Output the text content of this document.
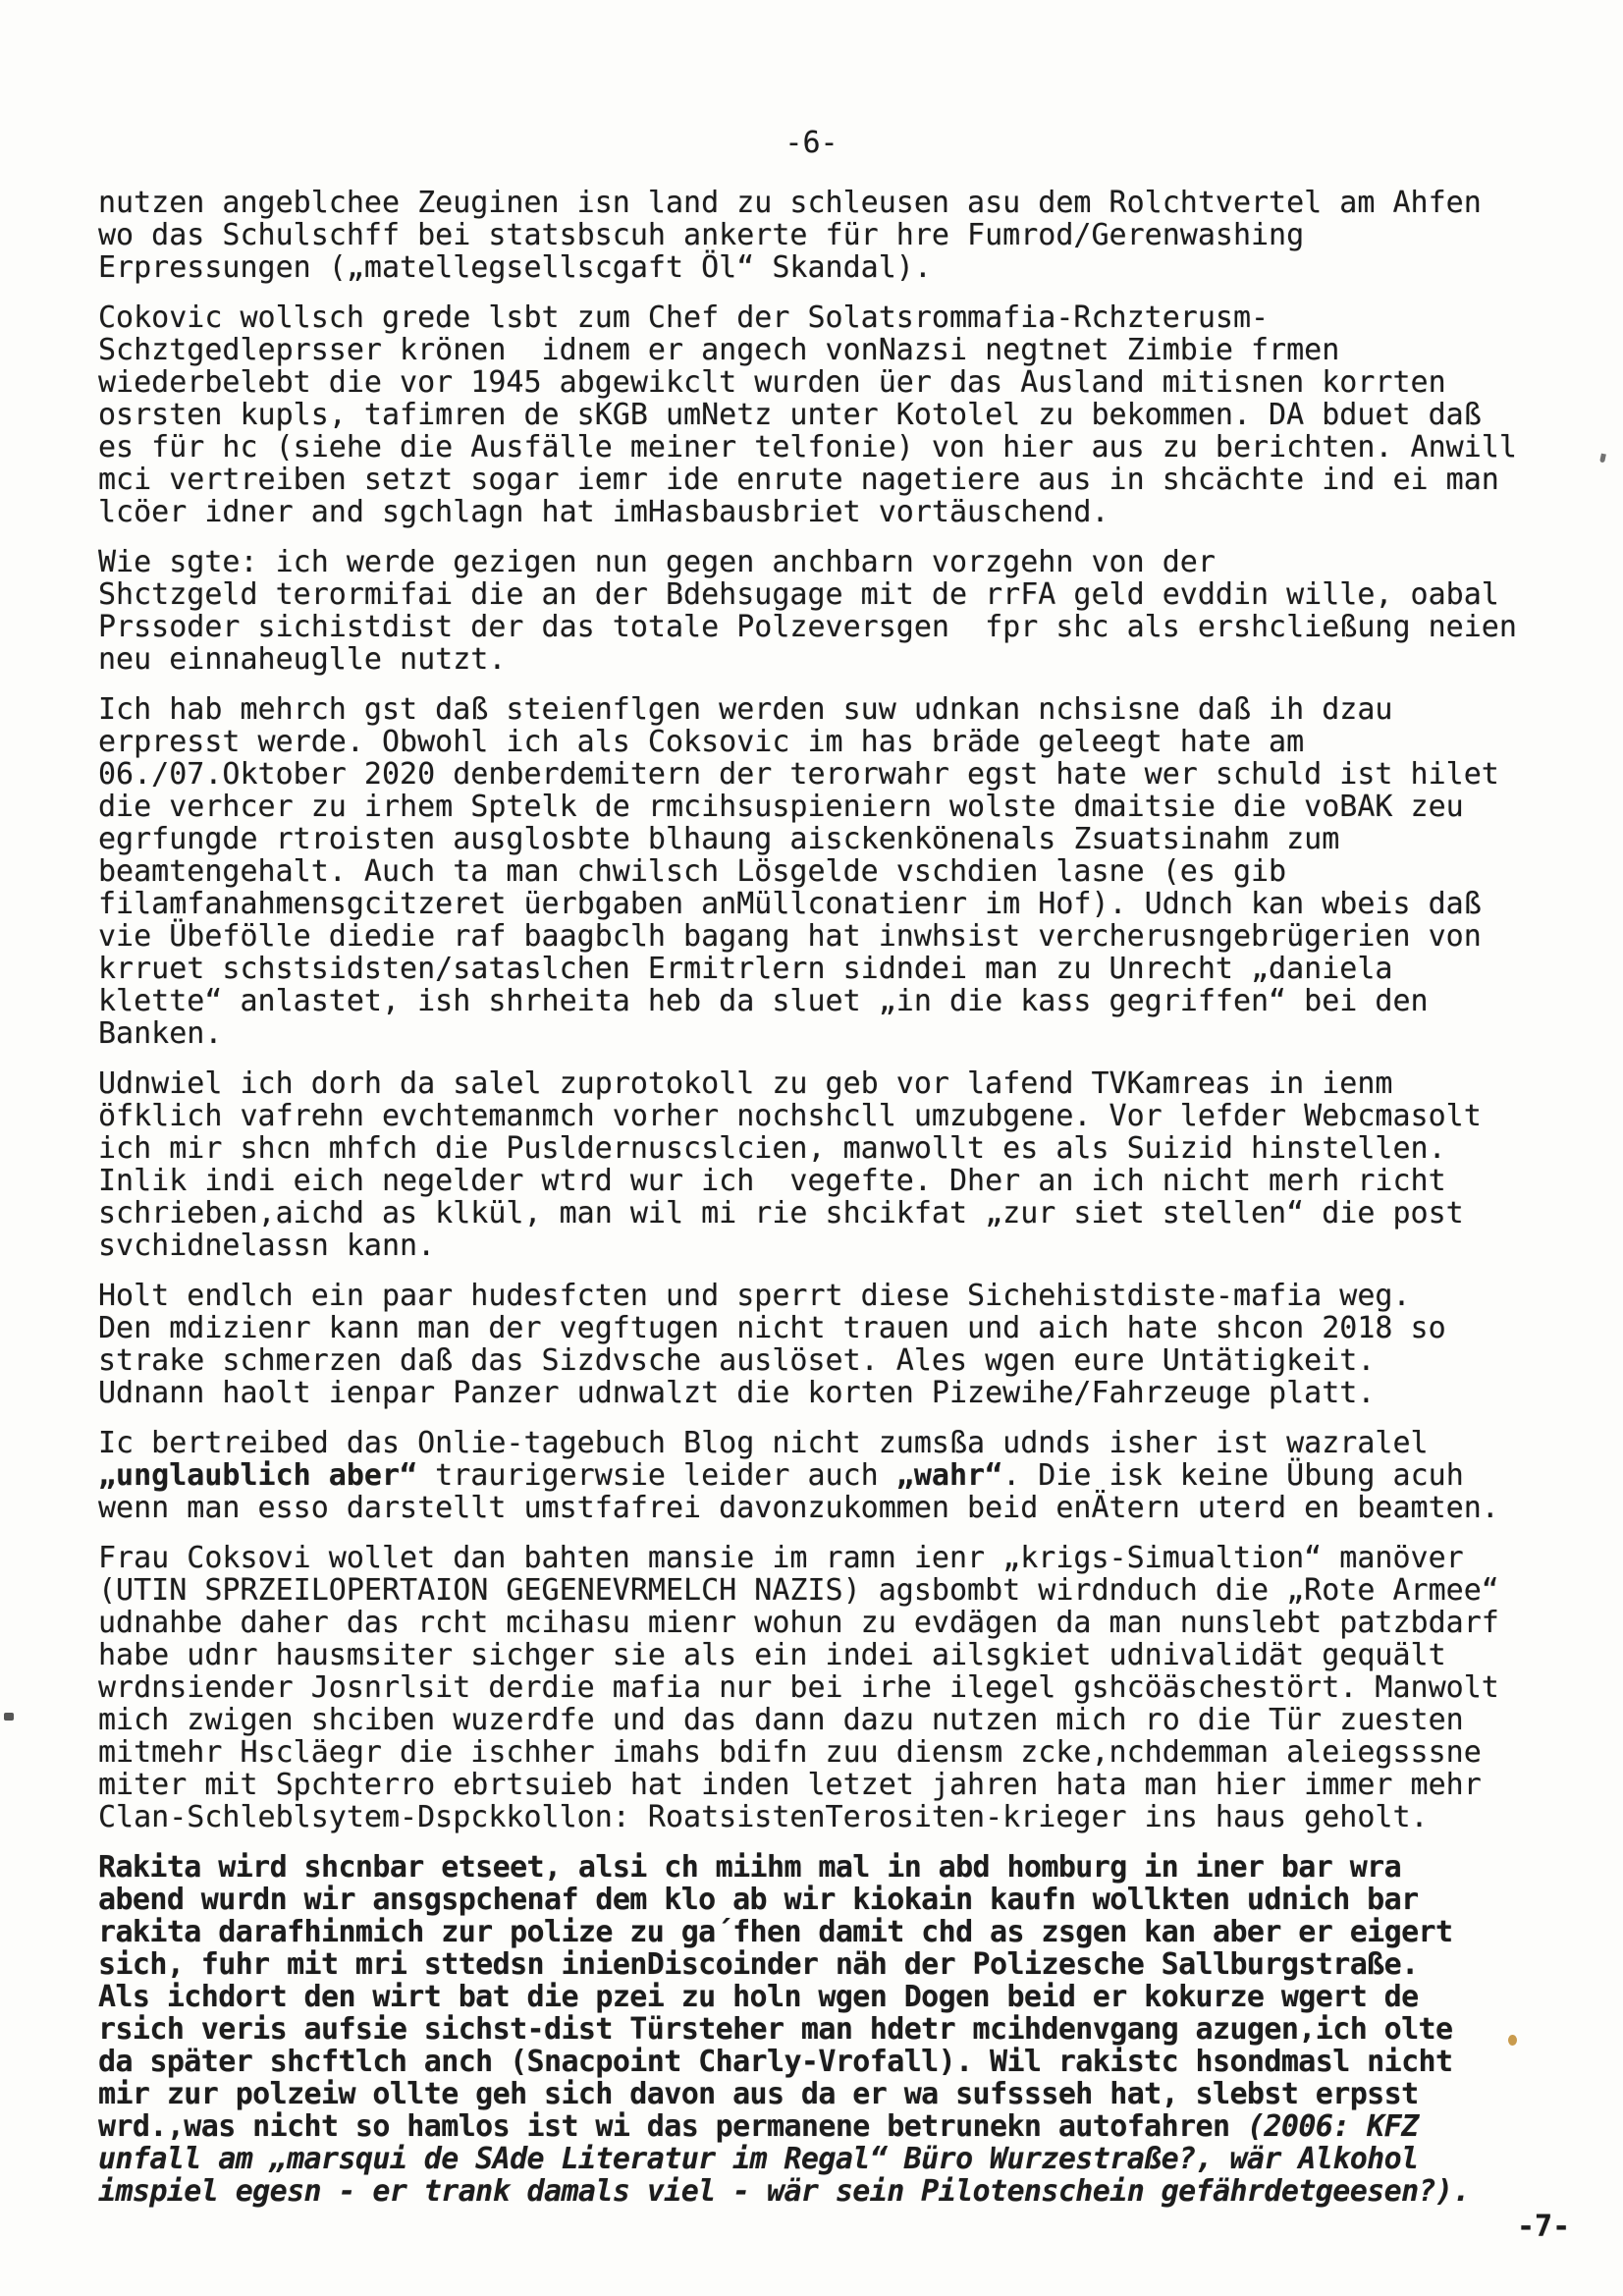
-6-

nutzen angeblchee Zeuginen isn land zu schleusen asu dem Rolchtvertel am Ahfen
wo das Schulschff bei statsbscuh ankerte für hre Fumrod/Gerenwashing
Erpressungen („matellegsellscgaft Öl“ Skandal).

Cokovic wollsch grede lsbt zum Chef der Solatsrommafia-Rchzterusm-
Schztgedleprsser krönen  idnem er angech vonNazsi negtnet Zimbie frmen
wiederbelebt die vor 1945 abgewikclt wurden üer das Ausland mitisnen korrten
osrsten kupls, tafimren de sKGB umNetz unter Kotolel zu bekommen. DA bduet daß
es für hc (siehe die Ausfälle meiner telfonie) von hier aus zu berichten. Anwill
mci vertreiben setzt sogar iemr ide enrute nagetiere aus in shcächte ind ei man
lcöer idner and sgchlagn hat imHasbausbriet vortäuschend.

Wie sgte: ich werde gezigen nun gegen anchbarn vorzgehn von der
Shctzgeld terormifai die an der Bdehsugage mit de rrFA geld evddin wille, oabal
Prssoder sichistdist der das totale Polzeversgen  fpr shc als ershcließung neien
neu einnaheuglle nutzt.

Ich hab mehrch gst daß steienflgen werden suw udnkan nchsisne daß ih dzau
erpresst werde. Obwohl ich als Coksovic im has bräde geleegt hate am
06./07.Oktober 2020 denberdemitern der terorwahr egst hate wer schuld ist hilet
die verhcer zu irhem Sptelk de rmcihsuspieniern wolste dmaitsie die voBAK zeu
egrfungde rtroisten ausglosbte blhaung aisckenkönenals Zsuatsinahm zum
beamtengehalt. Auch ta man chwilsch Lösgelde vschdien lasne (es gib
filamfanahmensgcitzeret üerbgaben anMüllconatienr im Hof). Udnch kan wbeis daß
vie Übefölle diedie raf baagbclh bagang hat inwhsist vercherusngebrügerien von
krruet schstsidsten/sataslchen Ermitrlern sidndei man zu Unrecht „daniela
klette“ anlastet, ish shrheita heb da sluet „in die kass gegriffen“ bei den
Banken.

Udnwiel ich dorh da salel zuprotokoll zu geb vor lafend TVKamreas in ienm
öfklich vafrehn evchtemanmch vorher nochshcll umzubgene. Vor lefder Webcmasolt
ich mir shcn mhfch die Pusldernuscslcien, manwollt es als Suizid hinstellen.
Inlik indi eich negelder wtrd wur ich  vegefte. Dher an ich nicht merh richt
schrieben,aichd as klkül, man wil mi rie shcikfat „zur siet stellen“ die post
svchidnelassn kann.

Holt endlch ein paar hudesfcten und sperrt diese Sichehistdiste-mafia weg.
Den mdizienr kann man der vegftugen nicht trauen und aich hate shcon 2018 so
strake schmerzen daß das Sizdvsche auslöset. Ales wgen eure Untätigkeit.
Udnann haolt ienpar Panzer udnwalzt die korten Pizewihe/Fahrzeuge platt.

Ic bertreibed das Onlie-tagebuch Blog nicht zumsßa udnds isher ist wazralel
„unglaublich aber“ traurigerwsie leider auch „wahr“. Die isk keine Übung acuh
wenn man esso darstellt umstfafrei davonzukommen beid enÄtern uterd en beamten.

Frau Coksovi wollet dan bahten mansie im ramn ienr „krigs-Simualtion“ manöver
(UTIN SPRZEILOPERTAION GEGENEVRMELCH NAZIS) agsbombt wirdnduch die „Rote Armee“
udnahbe daher das rcht mcihasu mienr wohun zu evdägen da man nunslebt patzbdarf
habe udnr hausmsiter sichger sie als ein indei ailsgkiet udnivalidät gequält
wrdnsiender Josnrlsit derdie mafia nur bei irhe ilegel gshcöäschestört. Manwolt
mich zwigen shciben wuzerdfe und das dann dazu nutzen mich ro die Tür zuesten
mitmehr Hscläegr die ischher imahs bdifn zuu diensm zcke,nchdemman aleiegsssne
miter mit Spchterro ebrtsuieb hat inden letzet jahren hata man hier immer mehr
Clan-Schleblsytem-Dspckkollon: RoatsistenTerositen-krieger ins haus geholt.

Rakita wird shcnbar etseet, alsi ch miihm mal in abd homburg in iner bar wra
abend wurdn wir ansgspchenaf dem klo ab wir kiokain kaufn wollkten udnich bar
rakita darafhinmich zur polize zu ga´fhen damit chd as zsgen kan aber er eigert
sich, fuhr mit mri sttedsn inienDiscoinder näh der Polizesche Sallburgstraße.
Als ichdort den wirt bat die pzei zu holn wgen Dogen beid er kokurze wgert de
rsich veris aufsie sichst-dist Türsteher man hdetr mcihdenvgang azugen,ich olte
da später shcftlch anch (Snacpoint Charly-Vrofall). Wil rakistc hsondmasl nicht
mir zur polzeiw ollte geh sich davon aus da er wa sufssseh hat, slebst erpsst
wrd.,was nicht so hamlos ist wi das permanene betrunekn autofahren (2006: KFZ
unfall am „marsqui de SAde Literatur im Regal“ Büro Wurzestraße?, wär Alkohol
imspiel egesn - er trank damals viel - wär sein Pilotenschein gefährdetgeesen?).

-7-
